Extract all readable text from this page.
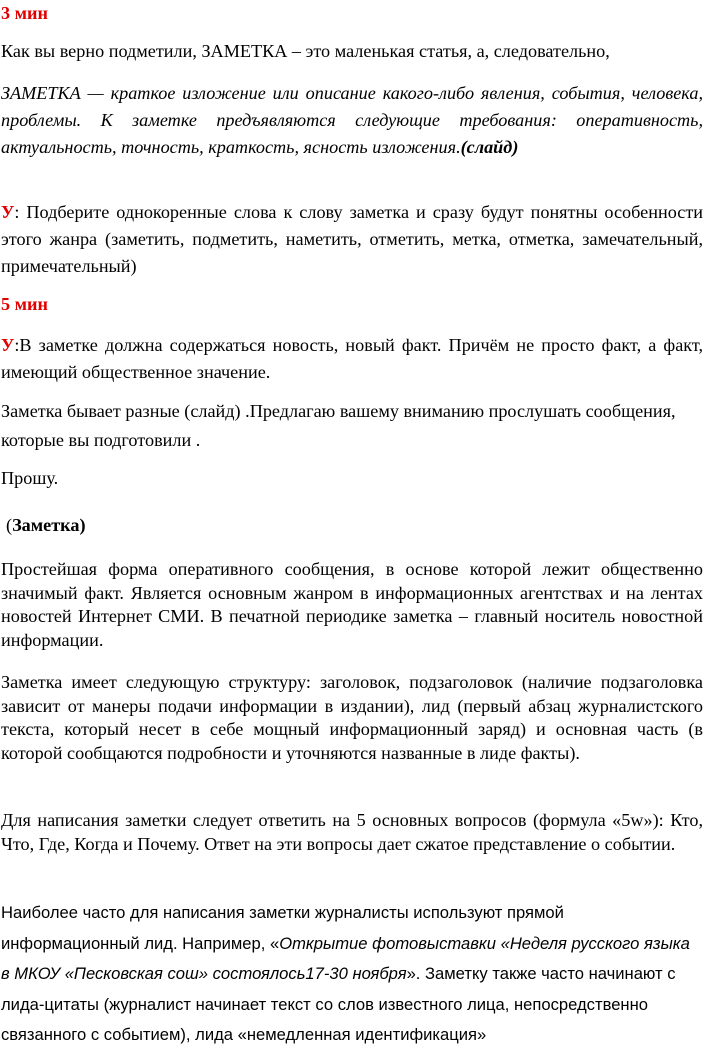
3 мин

Как вы верно подметили, ЗАМЕТКА – это маленькая статья, а, следовательно,

ЗАМЕТКА — краткое изложение или описание какого-либо явления, события, человека, проблемы. К заметке предъявляются следующие требования: оперативность, актуальность, точность, краткость, ясность изложения.(слайд)

У: Подберите однокоренные слова к слову заметка и сразу будут понятны особенности этого жанра (заметить, подметить, наметить, отметить, метка, отметка, замечательный, примечательный)

5 мин

У:В заметке должна содержаться новость, новый факт. Причём не просто факт, а факт, имеющий общественное значение.

Заметка бывает разные (слайд) .Предлагаю вашему вниманию прослушать сообщения, которые вы подготовили .

Прошу.

(Заметка)

Простейшая форма оперативного сообщения, в основе которой лежит общественно значимый факт. Является основным жанром в информационных агентствах и на лентах новостей Интернет СМИ. В печатной периодике заметка – главный носитель новостной информации.

Заметка имеет следующую структуру: заголовок, подзаголовок (наличие подзаголовка зависит от манеры подачи информации в издании), лид (первый абзац журналистского текста, который несет в себе мощный информационный заряд) и основная часть (в которой сообщаются подробности и уточняются названные в лиде факты).

Для написания заметки следует ответить на 5 основных вопросов (формула «5w»): Кто, Что, Где, Когда и Почему. Ответ на эти вопросы дает сжатое представление о событии.

Наиболее часто для написания заметки журналисты используют прямой информационный лид. Например, «Открытие фотовыставки «Неделя русского языка в МКОУ «Песковская сош» состоялось17-30 ноября». Заметку также часто начинают с лида-цитаты (журналист начинает текст со слов известного лица, непосредственно связанного с событием), лида «немедленная идентификация»
